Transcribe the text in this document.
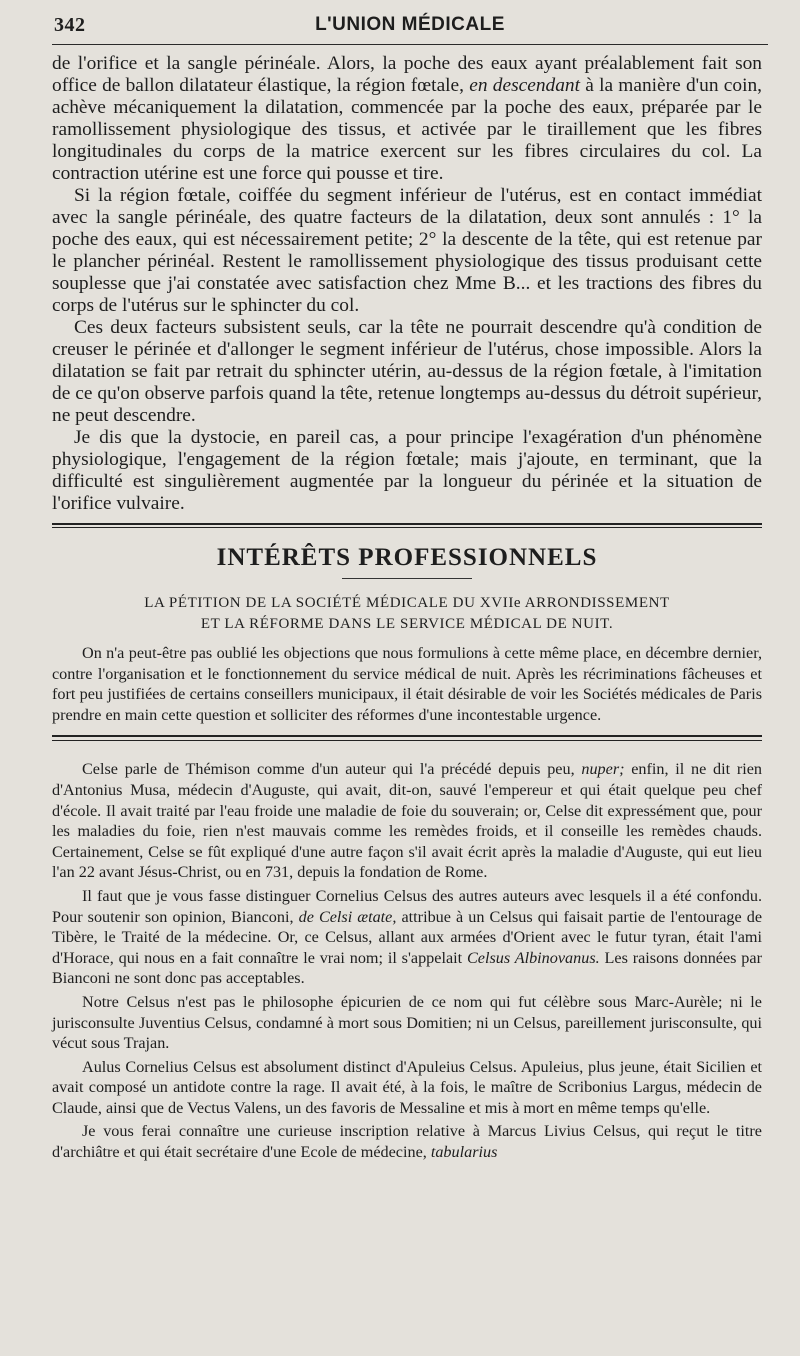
342	L'UNION MÉDICALE

de l'orifice et la sangle périnéale. Alors, la poche des eaux ayant préalablement fait son office de ballon dilatateur élastique, la région fœtale, en descendant à la manière d'un coin, achève mécaniquement la dilatation, commencée par la poche des eaux, préparée par le ramollissement physiologique des tissus, et activée par le tiraillement que les fibres longitudinales du corps de la matrice exercent sur les fibres circulaires du col. La contraction utérine est une force qui pousse et tire.

Si la région fœtale, coiffée du segment inférieur de l'utérus, est en contact immédiat avec la sangle périnéale, des quatre facteurs de la dilatation, deux sont annulés : 1° la poche des eaux, qui est nécessairement petite; 2° la descente de la tête, qui est retenue par le plancher périnéal. Restent le ramollissement physiologique des tissus produisant cette souplesse que j'ai constatée avec satisfaction chez Mme B... et les tractions des fibres du corps de l'utérus sur le sphincter du col.

Ces deux facteurs subsistent seuls, car la tête ne pourrait descendre qu'à condition de creuser le périnée et d'allonger le segment inférieur de l'utérus, chose impossible. Alors la dilatation se fait par retrait du sphincter utérin, au-dessus de la région fœtale, à l'imitation de ce qu'on observe parfois quand la tête, retenue longtemps au-dessus du détroit supérieur, ne peut descendre.

Je dis que la dystocie, en pareil cas, a pour principe l'exagération d'un phénomène physiologique, l'engagement de la région fœtale; mais j'ajoute, en terminant, que la difficulté est singulièrement augmentée par la longueur du périnée et la situation de l'orifice vulvaire.

INTÉRÊTS PROFESSIONNELS
LA PÉTITION DE LA SOCIÉTÉ MÉDICALE DU XVIIe ARRONDISSEMENT
ET LA RÉFORME DANS LE SERVICE MÉDICAL DE NUIT.

On n'a peut-être pas oublié les objections que nous formulions à cette même place, en décembre dernier, contre l'organisation et le fonctionnement du service médical de nuit. Après les récriminations fâcheuses et fort peu justifiées de certains conseillers municipaux, il était désirable de voir les Sociétés médicales de Paris prendre en main cette question et solliciter des réformes d'une incontestable urgence.

Celse parle de Thémison comme d'un auteur qui l'a précédé depuis peu, nuper; enfin, il ne dit rien d'Antonius Musa, médecin d'Auguste, qui avait, dit-on, sauvé l'empereur et qui était quelque peu chef d'école. Il avait traité par l'eau froide une maladie de foie du souverain; or, Celse dit expressément que, pour les maladies du foie, rien n'est mauvais comme les remèdes froids, et il conseille les remèdes chauds. Certainement, Celse se fût expliqué d'une autre façon s'il avait écrit après la maladie d'Auguste, qui eut lieu l'an 22 avant Jésus-Christ, ou en 731, depuis la fondation de Rome.

Il faut que je vous fasse distinguer Cornelius Celsus des autres auteurs avec lesquels il a été confondu. Pour soutenir son opinion, Bianconi, de Celsi ætate, attribue à un Celsus qui faisait partie de l'entourage de Tibère, le Traité de la médecine. Or, ce Celsus, allant aux armées d'Orient avec le futur tyran, était l'ami d'Horace, qui nous en a fait connaître le vrai nom; il s'appelait Celsus Albinovanus. Les raisons données par Bianconi ne sont donc pas acceptables.

Notre Celsus n'est pas le philosophe épicurien de ce nom qui fut célèbre sous Marc-Aurèle; ni le jurisconsulte Juventius Celsus, condamné à mort sous Domitien; ni un Celsus, pareillement jurisconsulte, qui vécut sous Trajan.

Aulus Cornelius Celsus est absolument distinct d'Apuleius Celsus. Apuleius, plus jeune, était Sicilien et avait composé un antidote contre la rage. Il avait été, à la fois, le maître de Scribonius Largus, médecin de Claude, ainsi que de Vectus Valens, un des favoris de Messaline et mis à mort en même temps qu'elle.

Je vous ferai connaître une curieuse inscription relative à Marcus Livius Celsus, qui reçut le titre d'archiâtre et qui était secrétaire d'une Ecole de médecine, tabularius
